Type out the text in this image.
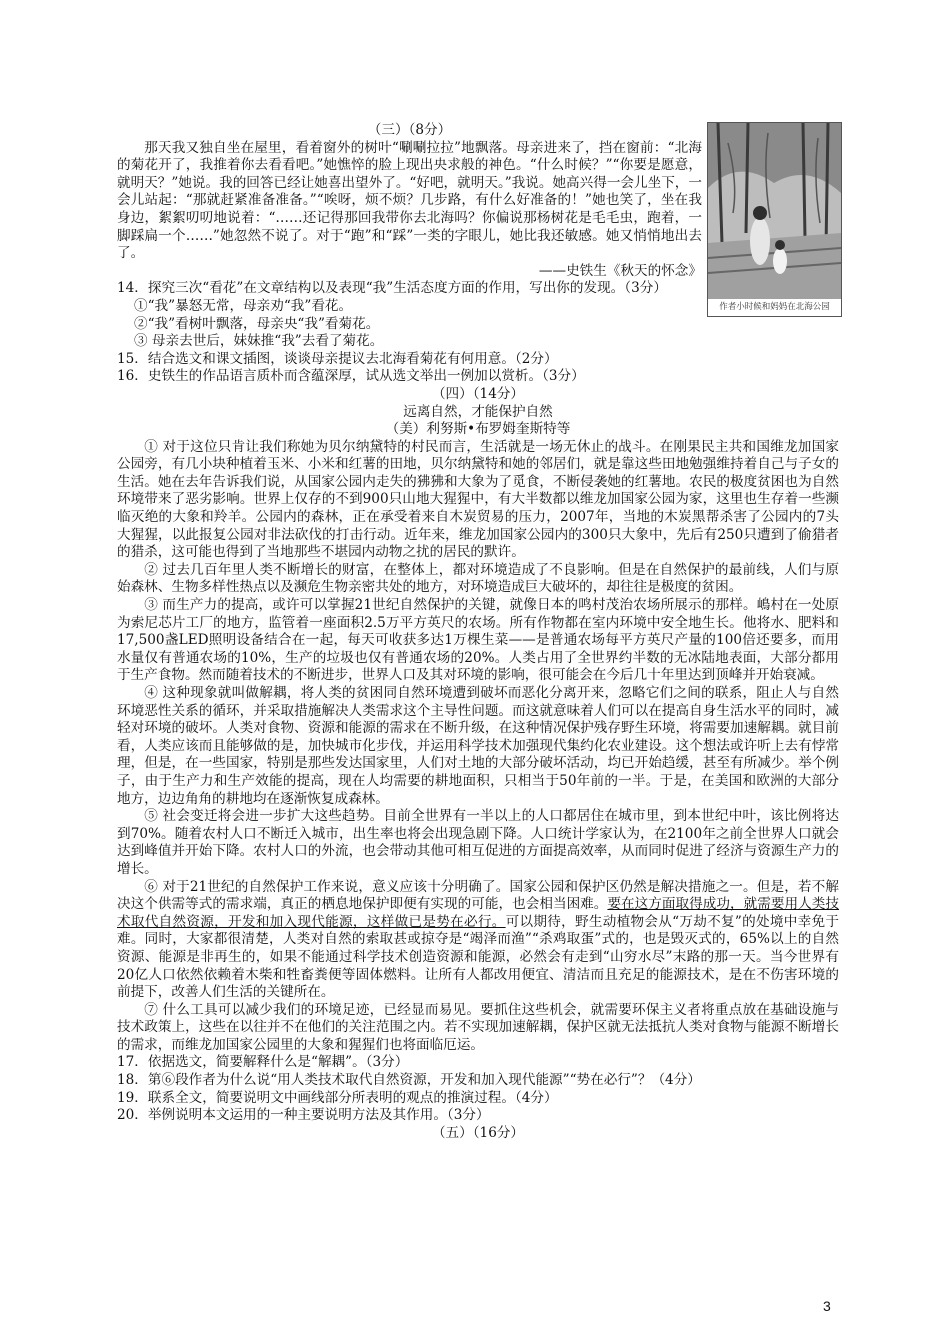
（三）（8分）

那天我又独自坐在屋里，看着窗外的树叶“唰唰拉拉”地飘落。母亲进来了，挡在窗前：“北海的菊花开了，我推着你去看看吧。”她憔悴的脸上现出央求般的神色。“什么时候？”“你要是愿意，就明天？”她说。我的回答已经让她喜出望外了。“好吧，就明天。”我说。她高兴得一会儿坐下，一会儿站起：“那就赶紧准备准备。”“唉呀，烦不烦？几步路，有什么好准备的！”她也笑了，坐在我身边，絮絮叨叨地说着：“……还记得那回我带你去北海吗？你偏说那杨树花是毛毛虫，跑着，一脚踩扁一个……”她忽然不说了。对于“跑”和“踩”一类的字眼儿，她比我还敏感。她又悄悄地出去了。

——史铁生《秋天的怀念》

14．探究三次“看花”在文章结构以及表现“我”生活态度方面的作用，写出你的发现。（3分）

①“我”暴怒无常，母亲劝“我”看花。

②“我”看树叶飘落，母亲央“我”看菊花。

③ 母亲去世后，妹妹推“我”去看了菊花。

15．结合选文和课文插图，谈谈母亲提议去北海看菊花有何用意。（2分）

16．史铁生的作品语言质朴而含蕴深厚，试从选文举出一例加以赏析。（3分）

（四）（14分）

远离自然，才能保护自然

（美）利努斯•布罗姆奎斯特等

① 对于这位只肯让我们称她为贝尔纳黛特的村民而言，生活就是一场无休止的战斗。在刚果民主共和国维龙加国家公园旁，有几小块种植着玉米、小米和红薯的田地，贝尔纳黛特和她的邻居们，就是靠这些田地勉强维持着自己与子女的生活。她在去年告诉我们说，从国家公园内走失的狒狒和大象为了觅食，不断侵袭她的红薯地。农民的极度贫困也为自然环境带来了恶劣影响。世界上仅存的不到900只山地大猩猩中，有大半数都以维龙加国家公园为家，这里也生存着一些濒临灭绝的大象和羚羊。公园内的森林，正在承受着来自木炭贸易的压力，2007年，当地的木炭黑帮杀害了公园内的7头大猩猩，以此报复公园对非法砍伐的打击行动。近年来，维龙加国家公园内的300只大象中，先后有250只遭到了偷猎者的猎杀，这可能也得到了当地那些不堪园内动物之扰的居民的默许。

② 过去几百年里人类不断增长的财富，在整体上，都对环境造成了不良影响。但是在自然保护的最前线，人们与原始森林、生物多样性热点以及濒危生物亲密共处的地方，对环境造成巨大破坏的，却往往是极度的贫困。

③ 而生产力的提高，或许可以掌握21世纪自然保护的关键，就像日本的鸣村茂治农场所展示的那样。嶋村在一处原为索尼芯片工厂的地方，监管着一座面积2.5万平方英尺的农场。所有作物都在室内环境中安全地生长。他将水、肥料和17,500盏LED照明设备结合在一起，每天可收获多达1万棵生菜——是普通农场每平方英尺产量的100倍还要多，而用水量仅有普通农场的10%，生产的垃圾也仅有普通农场的20%。人类占用了全世界约半数的无冰陆地表面，大部分都用于生产食物。然而随着技术的不断进步，世界人口及其对环境的影响，很可能会在今后几十年里达到顶峰并开始衰减。

④ 这种现象就叫做解耦，将人类的贫困同自然环境遭到破坏而恶化分离开来，忽略它们之间的联系，阻止人与自然环境恶性关系的循环，并采取措施解决人类需求这个主导性问题。而这就意味着人们可以在提高自身生活水平的同时，减轻对环境的破坏。人类对食物、资源和能源的需求在不断升级，在这种情况保护残存野生环境，将需要加速解耦。就目前看，人类应该而且能够做的是，加快城市化步伐，并运用科学技术加强现代集约化农业建设。这个想法或许听上去有悖常理，但是，在一些国家，特别是那些发达国家里，人们对土地的大部分破坏活动，均已开始趋缓，甚至有所减少。举个例子，由于生产力和生产效能的提高，现在人均需要的耕地面积，只相当于50年前的一半。于是，在美国和欧洲的大部分地方，边边角角的耕地均在逐渐恢复成森林。

⑤ 社会变迁将会进一步扩大这些趋势。目前全世界有一半以上的人口都居住在城市里，到本世纪中叶，该比例将达到70%。随着农村人口不断迁入城市，出生率也将会出现急剧下降。人口统计学家认为，在2100年之前全世界人口就会达到峰值并开始下降。农村人口的外流，也会带动其他可相互促进的方面提高效率，从而同时促进了经济与资源生产力的增长。

⑥ 对于21世纪的自然保护工作来说，意义应该十分明确了。国家公园和保护区仍然是解决措施之一。但是，若不解决这个供需等式的需求端，真正的栖息地保护即便有实现的可能，也会相当困难。要在这方面取得成功，就需要用人类技术取代自然资源，开发和加入现代能源，这样做已是势在必行。可以期待，野生动植物会从“万劫不复”的处境中幸免于难。同时，大家都很清楚，人类对自然的索取甚或掠夺是“竭泽而渔”“杀鸡取蛋”式的，也是毁灭式的，65%以上的自然资源、能源是非再生的，如果不能通过科学技术创造资源和能源，必然会有走到“山穷水尽”末路的那一天。当今世界有20亿人口依然依赖着木柴和牲畜粪便等固体燃料。让所有人都改用便宜、清洁而且充足的能源技术，是在不伤害环境的前提下，改善人们生活的关键所在。

⑦ 什么工具可以减少我们的环境足迹，已经显而易见。要抓住这些机会，就需要环保主义者将重点放在基础设施与技术政策上，这些在以往并不在他们的关注范围之内。若不实现加速解耦，保护区就无法抵抗人类对食物与能源不断增长的需求，而维龙加国家公园里的大象和猩猩们也将面临厄运。

17．依据选文，简要解释什么是“解耦”。（3分）

18．第⑥段作者为什么说“用人类技术取代自然资源，开发和加入现代能源”“势在必行”？（4分）

19．联系全文，简要说明文中画线部分所表明的观点的推演过程。（4分）

20．举例说明本文运用的一种主要说明方法及其作用。（3分）

（五）（16分）

作者小时候和妈妈在北海公园
3
